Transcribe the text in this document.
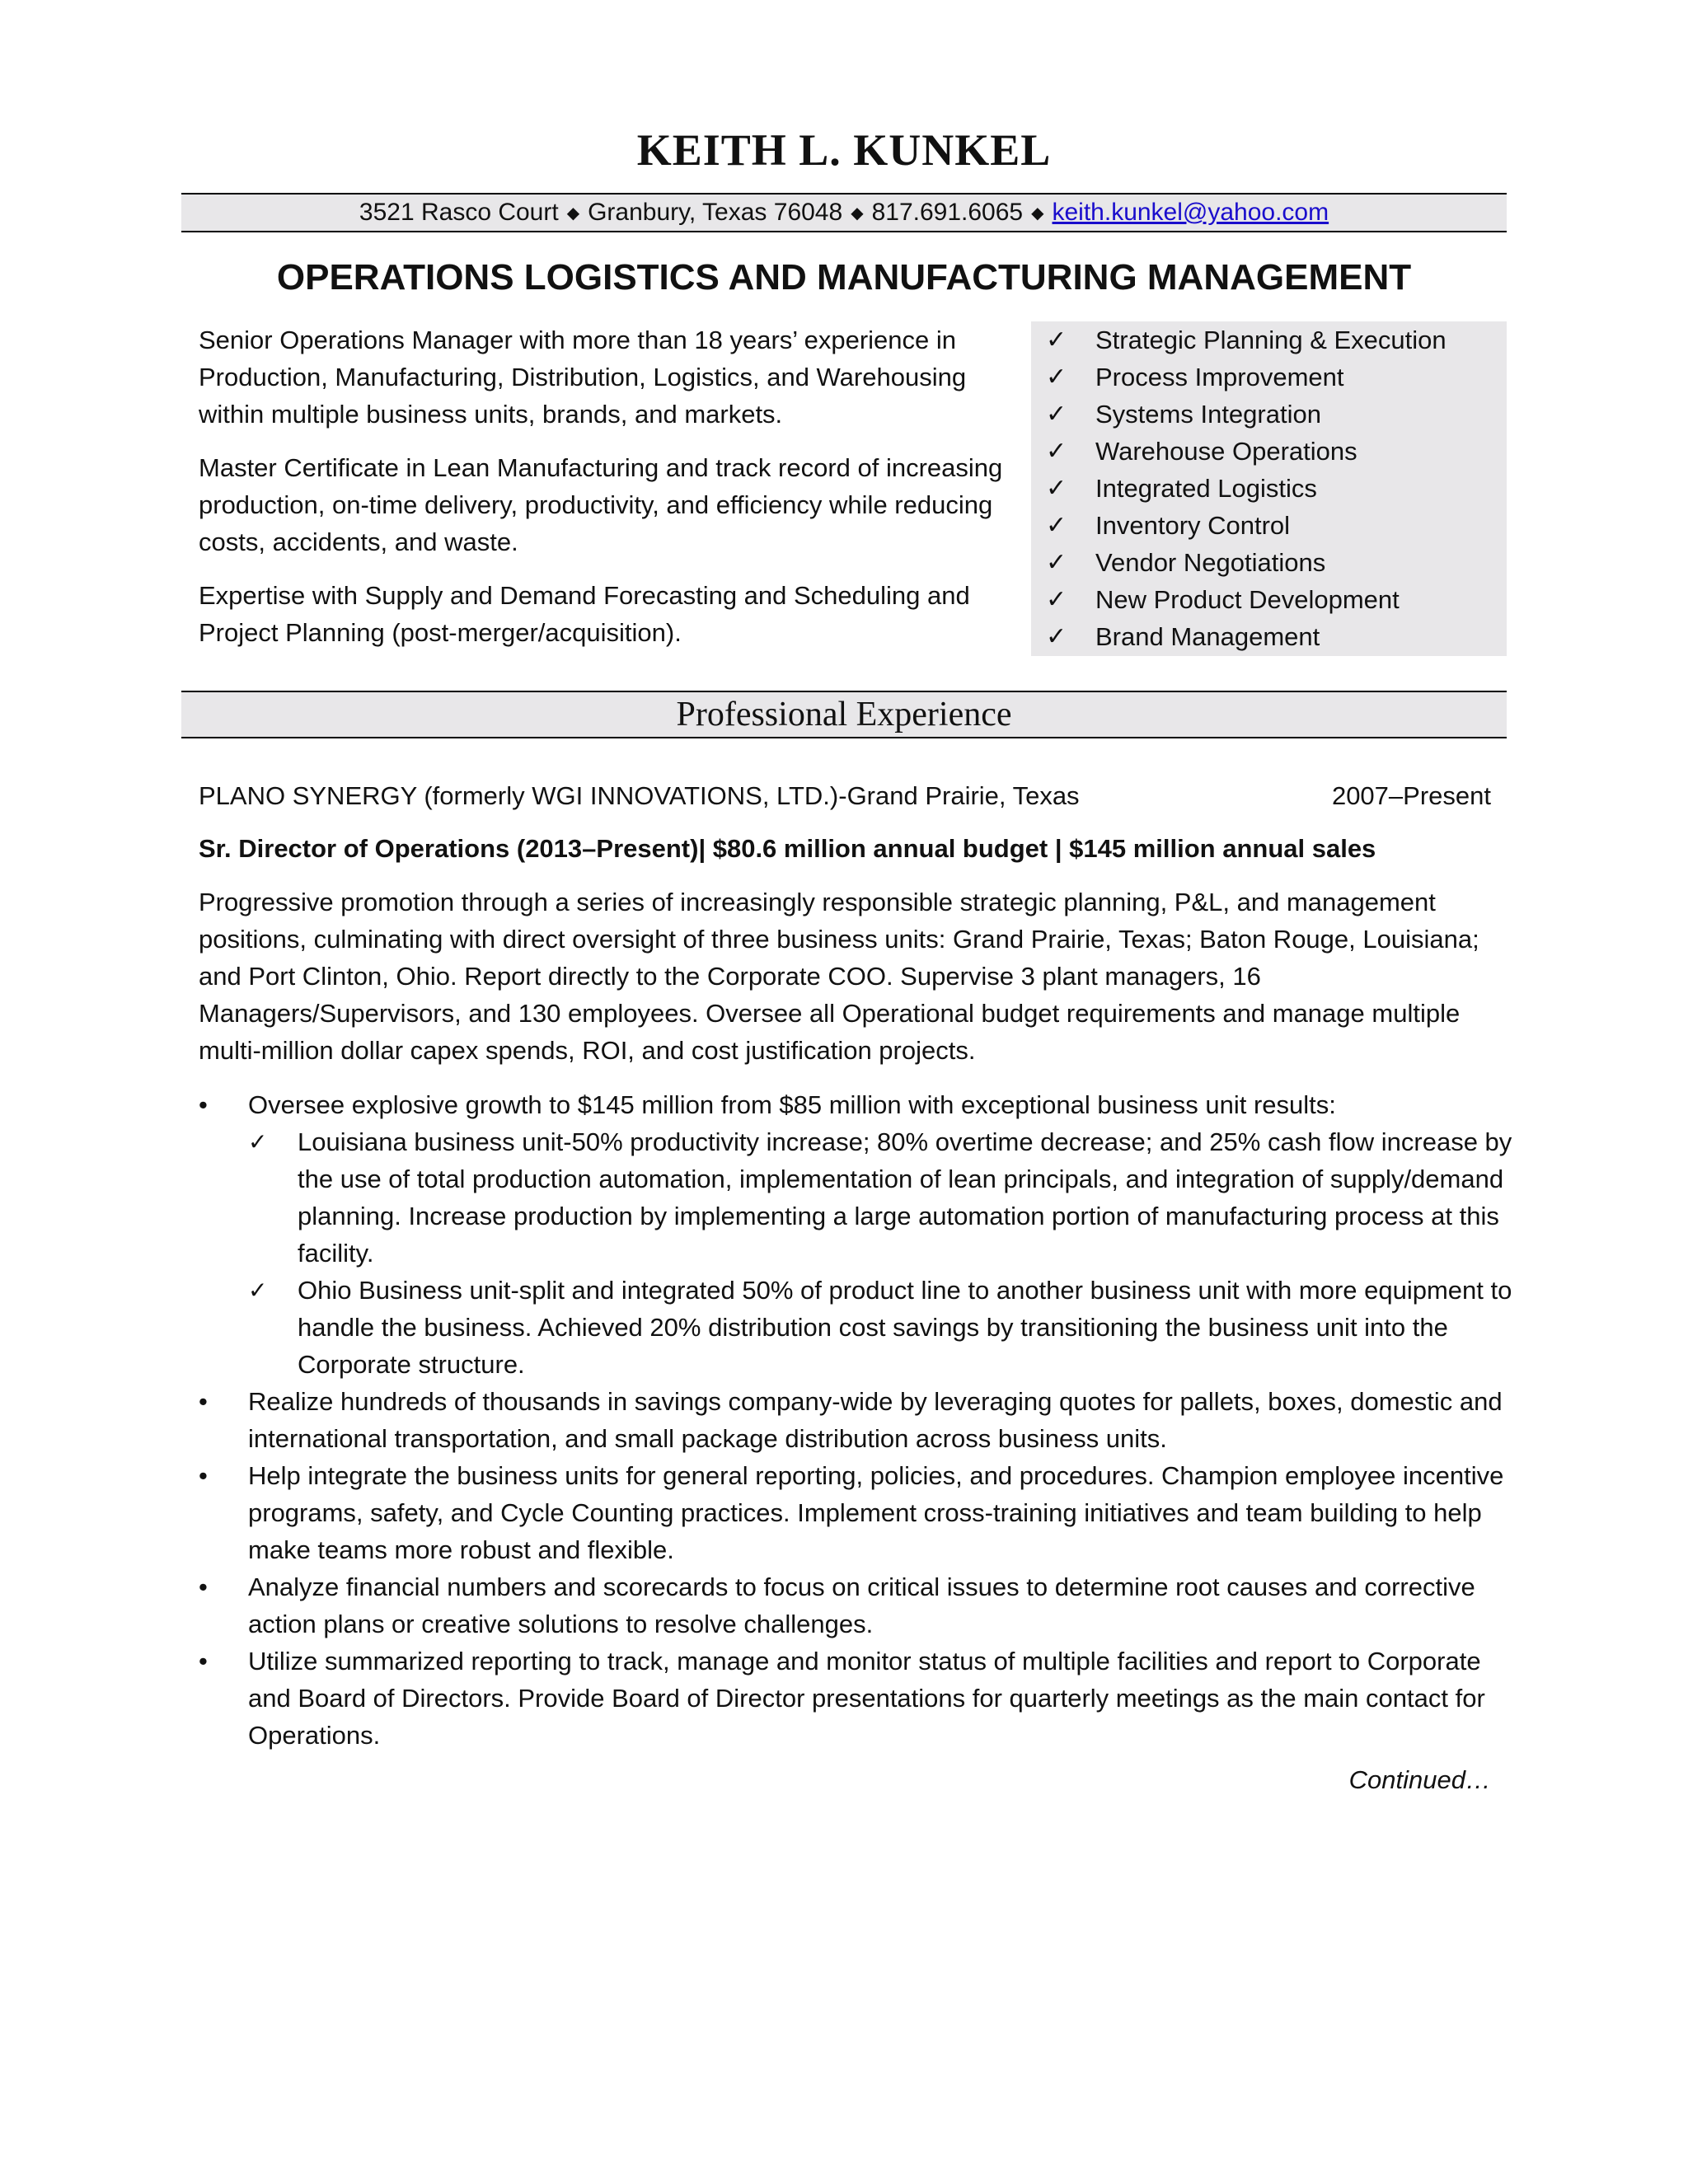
KEITH L. KUNKEL
3521 Rasco Court ◆ Granbury, Texas 76048 ◆ 817.691.6065 ◆ keith.kunkel@yahoo.com
OPERATIONS LOGISTICS AND MANUFACTURING MANAGEMENT

Senior Operations Manager with more than 18 years’ experience in Production, Manufacturing, Distribution, Logistics, and Warehousing within multiple business units, brands, and markets.

Master Certificate in Lean Manufacturing and track record of increasing production, on-time delivery, productivity, and efficiency while reducing costs, accidents, and waste.

Expertise with Supply and Demand Forecasting and Scheduling and Project Planning (post-merger/acquisition).

✓ Strategic Planning & Execution
✓ Process Improvement
✓ Systems Integration
✓ Warehouse Operations
✓ Integrated Logistics
✓ Inventory Control
✓ Vendor Negotiations
✓ New Product Development
✓ Brand Management
Professional Experience
PLANO SYNERGY (formerly WGI INNOVATIONS, LTD.)-Grand Prairie, Texas	2007–Present
Sr. Director of Operations (2013–Present)| $80.6 million annual budget | $145 million annual sales

Progressive promotion through a series of increasingly responsible strategic planning, P&L, and management positions, culminating with direct oversight of three business units: Grand Prairie, Texas; Baton Rouge, Louisiana; and Port Clinton, Ohio. Report directly to the Corporate COO. Supervise 3 plant managers, 16 Managers/Supervisors, and 130 employees. Oversee all Operational budget requirements and manage multiple multi-million dollar capex spends, ROI, and cost justification projects.

•	Oversee explosive growth to $145 million from $85 million with exceptional business unit results:
✓ Louisiana business unit-50% productivity increase; 80% overtime decrease; and 25% cash flow increase by the use of total production automation, implementation of lean principals, and integration of supply/demand planning. Increase production by implementing a large automation portion of manufacturing process at this facility.
✓ Ohio Business unit-split and integrated 50% of product line to another business unit with more equipment to handle the business. Achieved 20% distribution cost savings by transitioning the business unit into the Corporate structure.
•	Realize hundreds of thousands in savings company-wide by leveraging quotes for pallets, boxes, domestic and international transportation, and small package distribution across business units.
•	Help integrate the business units for general reporting, policies, and procedures. Champion employee incentive programs, safety, and Cycle Counting practices. Implement cross-training initiatives and team building to help make teams more robust and flexible.
•	Analyze financial numbers and scorecards to focus on critical issues to determine root causes and corrective action plans or creative solutions to resolve challenges.
•	Utilize summarized reporting to track, manage and monitor status of multiple facilities and report to Corporate and Board of Directors. Provide Board of Director presentations for quarterly meetings as the main contact for Operations.
Continued…
